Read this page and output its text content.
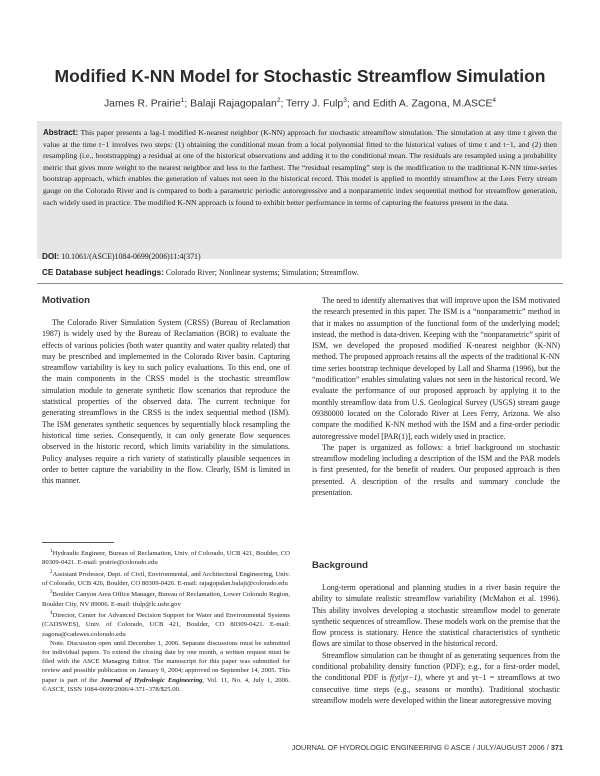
Modified K-NN Model for Stochastic Streamflow Simulation
James R. Prairie$^1$; Balaji Rajagopalan$^2$; Terry J. Fulp$^3$; and Edith A. Zagona, M.ASCE$^4$
Abstract: This paper presents a lag-1 modified K-nearest neighbor (K-NN) approach for stochastic streamflow simulation. The simulation at any time t given the value at the time t−1 involves two steps: (1) obtaining the conditional mean from a local polynomial fitted to the historical values of time t and t−1, and (2) then resampling (i.e., bootstrapping) a residual at one of the historical observations and adding it to the conditional mean. The residuals are resampled using a probability metric that gives more weight to the nearest neighbor and less to the farthest. The “residual resampling” step is the modification to the traditional K-NN time-series bootstrap approach, which enables the generation of values not seen in the historical record. This model is applied to monthly streamflow at the Lees Ferry stream gauge on the Colorado River and is compared to both a parametric periodic autoregressive and a nonparametric index sequential method for streamflow generation, each widely used in practice. The modified K-NN approach is found to exhibit better performance in terms of capturing the features present in the data.
DOI: 10.1061/(ASCE)1084-0699(2006)11:4(371)
CE Database subject headings: Colorado River; Nonlinear systems; Simulation; Streamflow.
Motivation

The Colorado River Simulation System (CRSS) (Bureau of Reclamation 1987) is widely used by the Bureau of Reclamation (BOR) to evaluate the effects of various policies (both water quantity and water quality related) that may be prescribed and implemented in the Colorado River basin. Capturing streamflow variability is key to such policy evaluations. To this end, one of the main components in the CRSS model is the stochastic streamflow simulation module to generate synthetic flow scenarios that reproduce the statistical properties of the observed data. The current technique for generating streamflows in the CRSS is the index sequential method (ISM). The ISM generates synthetic sequences by sequentially block resampling the historical time series. Consequently, it can only generate flow sequences observed in the historic record, which limits variability in the simulations. Policy analyses require a rich variety of statistically plausible sequences in order to better capture the variability in the flow. Clearly, ISM is limited in this manner.

$^1$Hydraulic Engineer, Bureau of Reclamation, Univ. of Colorado, UCB 421, Boulder, CO 80309-0421. E-mail: prairie@colorado.edu

$^2$Assistant Professor, Dept. of Civil, Environmental, and Architectural Engineering, Univ. of Colorado, UCB 426, Boulder, CO 80309-0426. E-mail: rajagopalan.balaji@colorado.edu

$^3$Boulder Canyon Area Office Manager, Bureau of Reclamation, Lower Colorado Region, Boulder City, NV 89006. E-mail: tfulp@lc.usbr.gov

$^4$Director, Center for Advanced Decision Support for Water and Environmental Systems (CADSWES), Univ. of Colorado, UCB 421, Boulder, CO 80309-0421. E-mail: zagona@cadswes.colorado.edu

Note. Discussion open until December 1, 2006. Separate discussions must be submitted for individual papers. To extend the closing date by one month, a written request must be filed with the ASCE Managing Editor. The manuscript for this paper was submitted for review and possible publication on January 9, 2004; approved on September 14, 2005. This paper is part of the Journal of Hydrologic Engineering, Vol. 11, No. 4, July 1, 2006. ©ASCE, ISSN 1084-0699/2006/4-371–378/$25.00.

The need to identify alternatives that will improve upon the ISM motivated the research presented in this paper. The ISM is a “nonparametric” method in that it makes no assumption of the functional form of the underlying model; instead, the method is data-driven. Keeping with the “nonparametric” spirit of ISM, we developed the proposed modified K-nearest neighbor (K-NN) method. The proposed approach retains all the aspects of the traditional K-NN time series bootstrap technique developed by Lall and Sharma (1996), but the “modification” enables simulating values not seen in the historical record. We evaluate the performance of our proposed approach by applying it to the monthly streamflow data from U.S. Geological Survey (USGS) stream gauge 09380000 located on the Colorado River at Lees Ferry, Arizona. We also compare the modified K-NN method with the ISM and a first-order periodic autoregressive model [PAR(1)], each widely used in practice.

The paper is organized as follows: a brief background on stochastic streamflow modeling including a description of the ISM and the PAR models is first presented, for the benefit of readers. Our proposed approach is then presented. A description of the results and summary conclude the presentation.

Background

Long-term operational and planning studies in a river basin require the ability to simulate realistic streamflow variability (McMahon et al. 1996). This ability involves developing a stochastic streamflow model to generate synthetic sequences of streamflow. These models work on the premise that the flow process is stationary. Hence the statistical characteristics of synthetic flows are similar to those observed in the historical record.

Streamflow simulation can be thought of as generating sequences from the conditional probability density function (PDF); e.g., for a first-order model, the conditional PDF is f(yt|yt−1), where yt and yt−1 = streamflows at two consecutive time steps (e.g., seasons or months). Traditional stochastic streamflow models were developed within the linear autoregressive moving

JOURNAL OF HYDROLOGIC ENGINEERING © ASCE / JULY/AUGUST 2006 / 371
